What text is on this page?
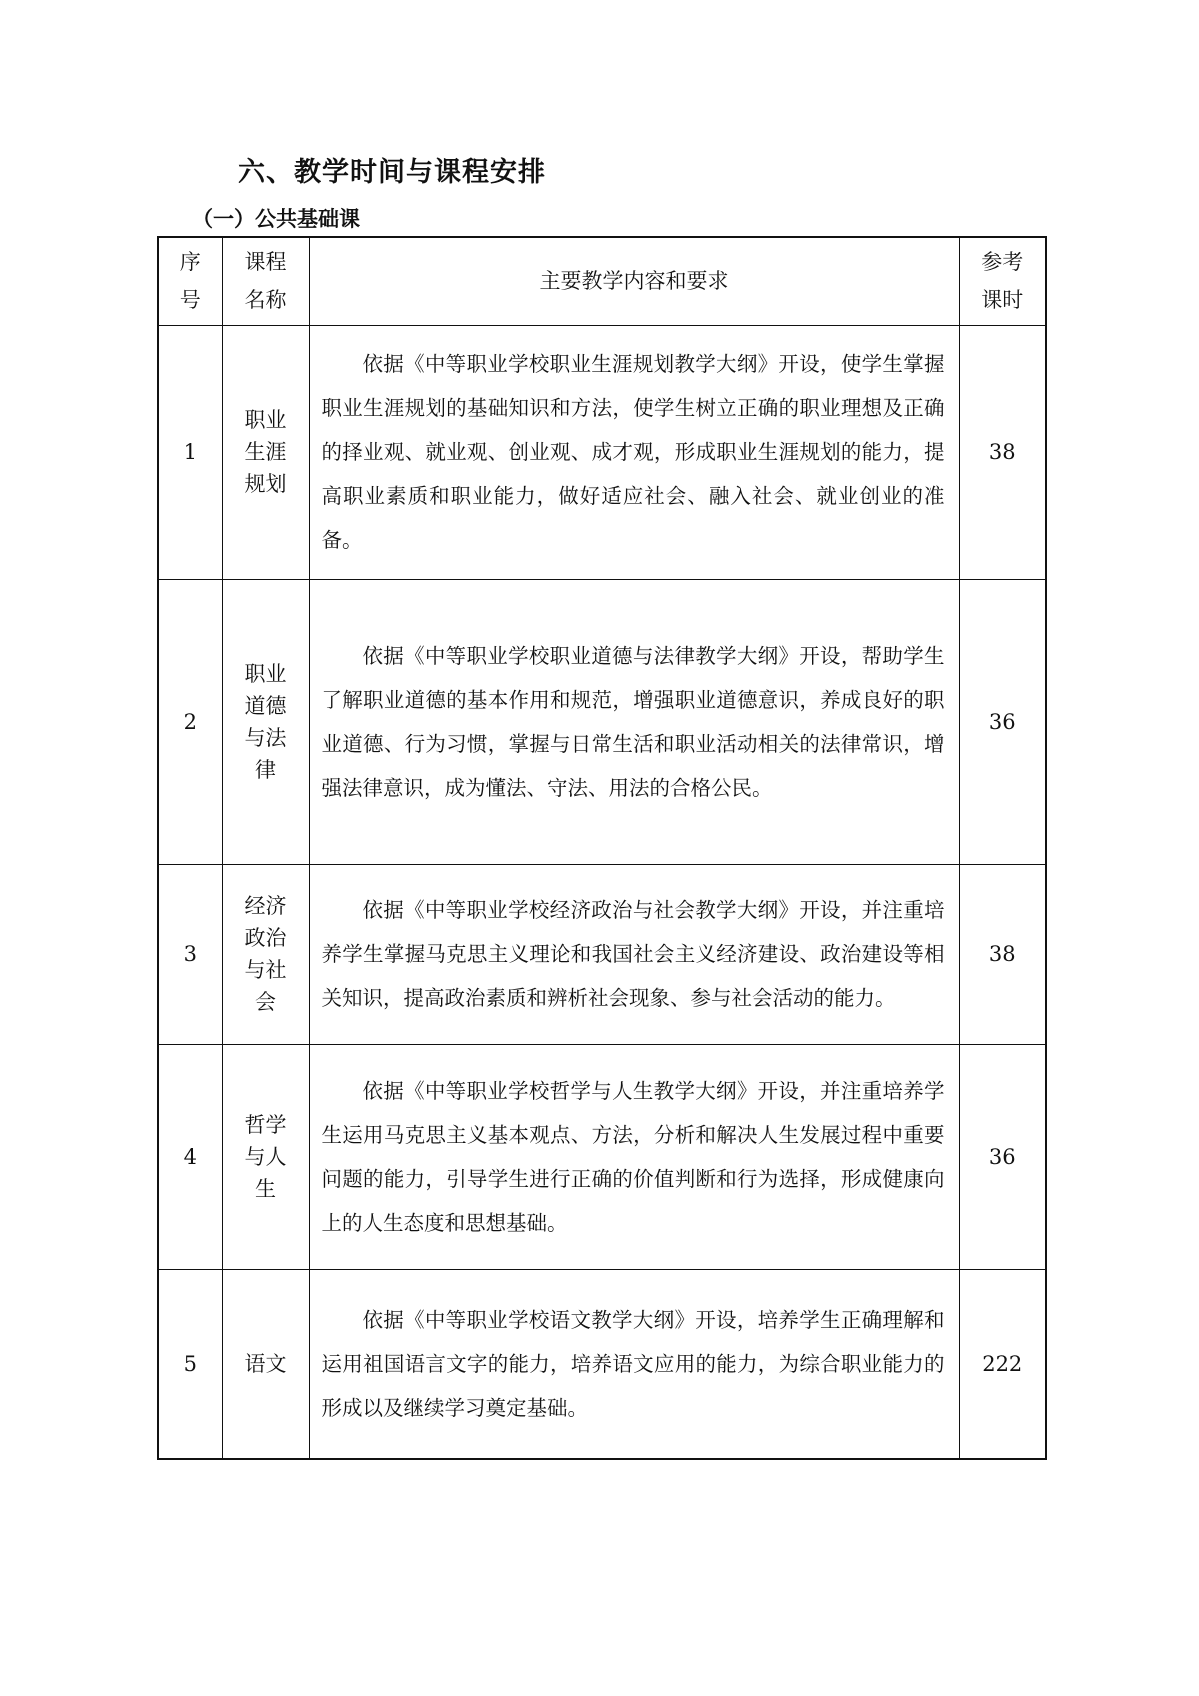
六、教学时间与课程安排
（一）公共基础课
序号	课程名称	主要教学内容和要求	参考课时

1	职业生涯规划	依据《中等职业学校职业生涯规划教学大纲》开设，使学生掌握职业生涯规划的基础知识和方法，使学生树立正确的职业理想及正确的择业观、就业观、创业观、成才观，形成职业生涯规划的能力，提高职业素质和职业能力，做好适应社会、融入社会、就业创业的准备。	38
2	职业道德与法律	依据《中等职业学校职业道德与法律教学大纲》开设，帮助学生了解职业道德的基本作用和规范，增强职业道德意识，养成良好的职业道德、行为习惯，掌握与日常生活和职业活动相关的法律常识，增强法律意识，成为懂法、守法、用法的合格公民。	36
3	经济政治与社会	依据《中等职业学校经济政治与社会教学大纲》开设，并注重培养学生掌握马克思主义理论和我国社会主义经济建设、政治建设等相关知识，提高政治素质和辨析社会现象、参与社会活动的能力。	38
4	哲学与人生	依据《中等职业学校哲学与人生教学大纲》开设，并注重培养学生运用马克思主义基本观点、方法，分析和解决人生发展过程中重要问题的能力，引导学生进行正确的价值判断和行为选择，形成健康向上的人生态度和思想基础。	36
5	语文	依据《中等职业学校语文教学大纲》开设，培养学生正确理解和运用祖国语言文字的能力，培养语文应用的能力，为综合职业能力的形成以及继续学习奠定基础。	222
